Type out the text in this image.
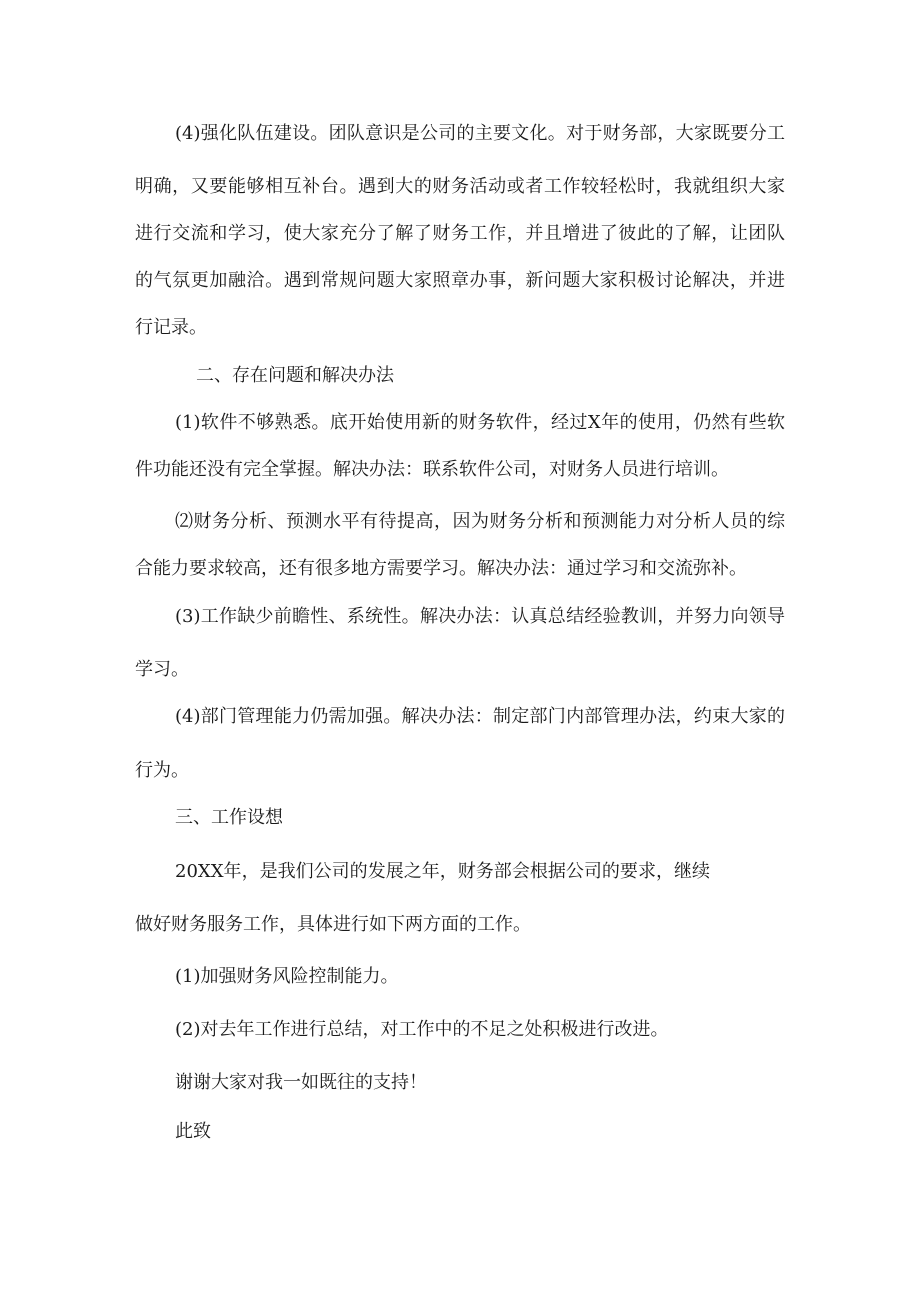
(4)强化队伍建设。团队意识是公司的主要文化。对于财务部，大家既要分工
明确，又要能够相互补台。遇到大的财务活动或者工作较轻松时，我就组织大家
进行交流和学习，使大家充分了解了财务工作，并且增进了彼此的了解，让团队
的气氛更加融洽。遇到常规问题大家照章办事，新问题大家积极讨论解决，并进
行记录。
二、存在问题和解决办法
(1)软件不够熟悉。底开始使用新的财务软件，经过X年的使用，仍然有些软
件功能还没有完全掌握。解决办法：联系软件公司，对财务人员进行培训。
⑵财务分析、预测水平有待提高，因为财务分析和预测能力对分析人员的综
合能力要求较高，还有很多地方需要学习。解决办法：通过学习和交流弥补。
(3)工作缺少前瞻性、系统性。解决办法：认真总结经验教训，并努力向领导
学习。
(4)部门管理能力仍需加强。解决办法：制定部门内部管理办法，约束大家的
行为。
三、工作设想
20XX年，是我们公司的发展之年，财务部会根据公司的要求，继续
做好财务服务工作，具体进行如下两方面的工作。
(1)加强财务风险控制能力。
(2)对去年工作进行总结，对工作中的不足之处积极进行改进。
谢谢大家对我一如既往的支持！
此致
